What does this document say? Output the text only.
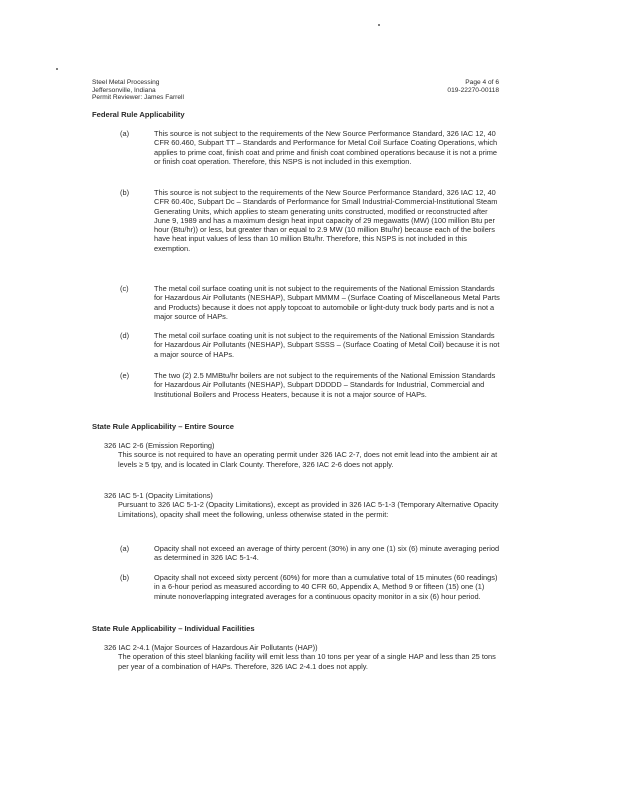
Steel Metal Processing
Jeffersonville, Indiana
Permit Reviewer: James Farrell
Page 4 of 6
019-22270-00118
Federal Rule Applicability
(a)	This source is not subject to the requirements of the New Source Performance Standard, 326 IAC 12, 40 CFR 60.460, Subpart TT – Standards and Performance for Metal Coil Surface Coating Operations, which applies to prime coat, finish coat and prime and finish coat combined operations because it is not a prime or finish coat operation. Therefore, this NSPS is not included in this exemption.
(b)	This source is not subject to the requirements of the New Source Performance Standard, 326 IAC 12, 40 CFR 60.40c, Subpart Dc – Standards of Performance for Small Industrial-Commercial-Institutional Steam Generating Units, which applies to steam generating units constructed, modified or reconstructed after June 9, 1989 and has a maximum design heat input capacity of 29 megawatts (MW) (100 million Btu per hour (Btu/hr)) or less, but greater than or equal to 2.9 MW (10 million Btu/hr) because each of the boilers have heat input values of less than 10 million Btu/hr. Therefore, this NSPS is not included in this exemption.
(c)	The metal coil surface coating unit is not subject to the requirements of the National Emission Standards for Hazardous Air Pollutants (NESHAP), Subpart MMMM – (Surface Coating of Miscellaneous Metal Parts and Products) because it does not apply topcoat to automobile or light-duty truck body parts and is not a major source of HAPs.
(d)	The metal coil surface coating unit is not subject to the requirements of the National Emission Standards for Hazardous Air Pollutants (NESHAP), Subpart SSSS – (Surface Coating of Metal Coil) because it is not a major source of HAPs.
(e)	The two (2) 2.5 MMBtu/hr boilers are not subject to the requirements of the National Emission Standards for Hazardous Air Pollutants (NESHAP), Subpart DDDDD – Standards for Industrial, Commercial and Institutional Boilers and Process Heaters, because it is not a major source of HAPs.
State Rule Applicability – Entire Source
326 IAC 2-6 (Emission Reporting)
This source is not required to have an operating permit under 326 IAC 2-7, does not emit lead into the ambient air at levels ≥ 5 tpy, and is located in Clark County. Therefore, 326 IAC 2-6 does not apply.
326 IAC 5-1 (Opacity Limitations)
Pursuant to 326 IAC 5-1-2 (Opacity Limitations), except as provided in 326 IAC 5-1-3 (Temporary Alternative Opacity Limitations), opacity shall meet the following, unless otherwise stated in the permit:
(a)	Opacity shall not exceed an average of thirty percent (30%) in any one (1) six (6) minute averaging period as determined in 326 IAC 5-1-4.
(b)	Opacity shall not exceed sixty percent (60%) for more than a cumulative total of 15 minutes (60 readings) in a 6-hour period as measured according to 40 CFR 60, Appendix A, Method 9 or fifteen (15) one (1) minute nonoverlapping integrated averages for a continuous opacity monitor in a six (6) hour period.
State Rule Applicability – Individual Facilities
326 IAC 2-4.1 (Major Sources of Hazardous Air Pollutants (HAP))
The operation of this steel blanking facility will emit less than 10 tons per year of a single HAP and less than 25 tons per year of a combination of HAPs. Therefore, 326 IAC 2-4.1 does not apply.
